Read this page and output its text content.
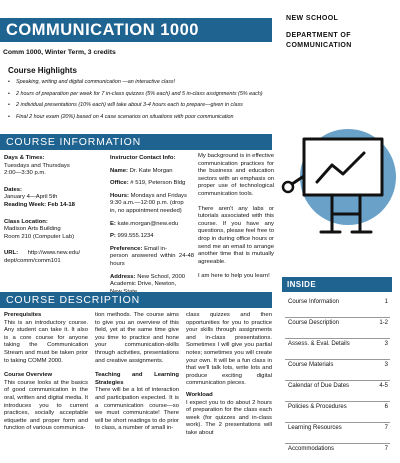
COMMUNICATION 1000
NEW SCHOOL
DEPARTMENT OF
COMMUNICATION
Comm 1000, Winter Term, 3 credits
Course Highlights
• Speaking, writing and digital communication —an interactive class!
• 2 hours of preparation per week for 7 in-class quizzes (5% each) and 5 in-class assignments (5% each)
• 2 individual presentations (10% each) will take about 3-4 hours each to prepare—given in class
• Final 2 hour exam (20%) based on 4 case scenarios on situations with poor communication
COURSE INFORMATION

Days & Times:

Tuesdays and Thursdays

2:00—3:30 p.m.

Dates:

January 4—April 5th

Reading Week: Feb 14-18

Class Location:

Madison Arts Building

Room 210 (Computer Lab)

URL: http://www.new.edu/

dept/comm/comm101

Instructor Contact Info:

Name: Dr. Kate Morgan

Office: # 519, Peterson Bldg

Hours: Mondays and Fridays

9:30 a.m.—12:00 p.m. (drop

in, no appointment needed)

E: kate.morgan@new.edu

P: 999.555.1234

Preference: Email in-

person answered within 24-48 hours

Address: New School, 2000

Academic Drive, Newton,

My background is in effective communication practices for the business and education sectors with an emphasis on proper use of technological communication tools.

There aren't any labs or tutorials associated with this course. If you have any questions, please feel free to drop in during office hours or send me an email to arrange another time that is mutually agreeable.

I am here to help you learn!

COURSE DESCRIPTION

Prerequisites

This is an introductory course. Any student can take it. It also is a core course for anyone taking the Communication Stream and must be taken prior to taking COMM 2000.

Course Overview

This course looks at the basics of good communication in the oral, written and digital media. It introduces you to current practices, socially acceptable etiquette and proper form and function of various communica-

tion methods. The course aims to give you an overview of this field, yet at the same time give you time to practice and hone your communication-skills through activities, presentations and creative assignments.

Teaching and Learning Strategies

There will be a lot of interaction and participation expected. It is a communication course—so we must communicate! There will be short readings to do prior to class, a number of small in-

class quizzes and then opportunities for you to practice your skills through assignments and in-class presentations. Sometimes I will give you partial notes; sometimes you will create your own. It will be a fun class in that we'll talk lots, write lots and produce exciting digital communication pieces.

Workload

I expect you to do about 2 hours of preparation for the class each week (for quizzes and in-class work). The 2 presentations will take about

INSIDE
Course Information	1
Course Description	1-2
Assess. & Eval. Details	3
Course Materials	3
Calendar of Due Dates	4-5
Policies & Procedures	6
Learning Resources	7
Accommodations	7
